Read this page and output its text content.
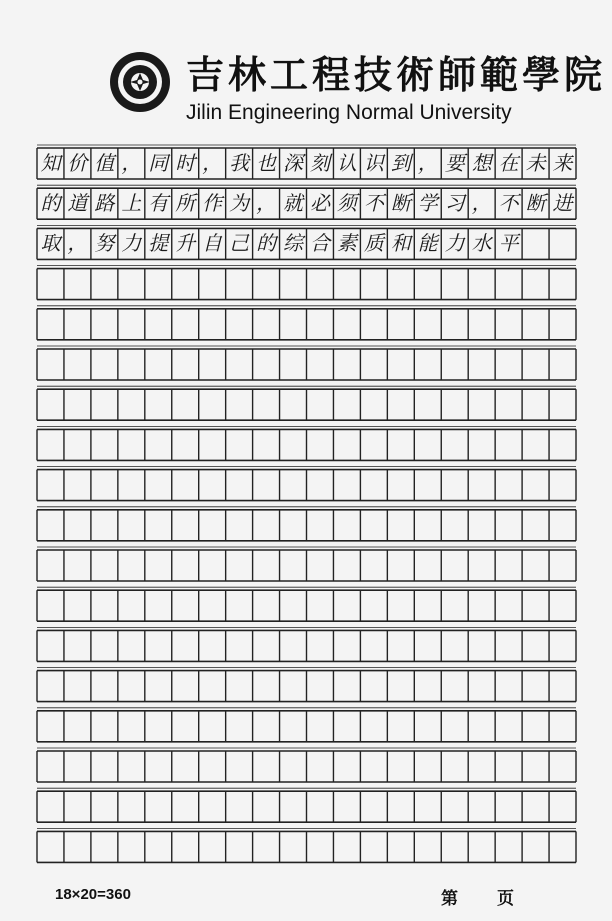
吉林工程技術師範學院
Jilin Engineering Normal University
知 价 值 ， 同 时 ， 我 也 深 刻 认 识 到 ， 要 想 在 未 来
的 道 路 上 有 所 作 为 ， 就 必 须 不 断 学 习 ， 不 断 进
取 ， 努 力 提 升 自 己 的 综 合 素 质 和 能 力 水 平
18×20=360	第 页
